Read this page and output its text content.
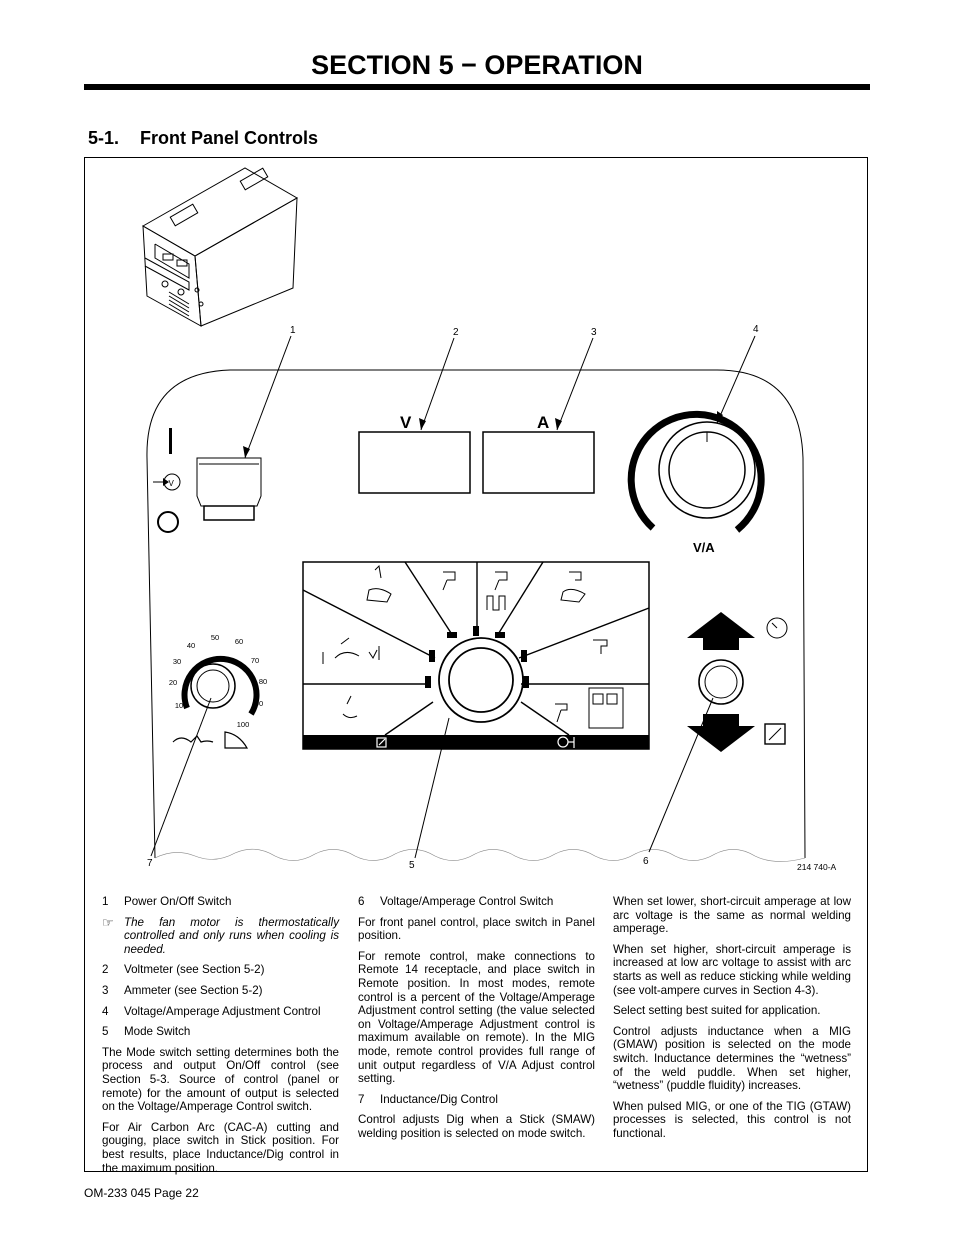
SECTION 5 − OPERATION
5-1. Front Panel Controls
1	2	3	4
7	5	6
V
V	A
V/A
10
20
30
40
50 60
70
80
90
100
214 740-A
1	Power On/Off Switch
☞ The fan motor is thermostatically controlled and only runs when cooling is needed.
2	Voltmeter (see Section 5-2)
3	Ammeter (see Section 5-2)
4	Voltage/Amperage Adjustment Control
5	Mode Switch

The Mode switch setting determines both the process and output On/Off control (see Section 5-3. Source of control (panel or remote) for the amount of output is selected on the Voltage/Amperage Control switch.

For Air Carbon Arc (CAC-A) cutting and gouging, place switch in Stick position. For best results, place Inductance/Dig control in the maximum position.

6	Voltage/Amperage Control Switch

For front panel control, place switch in Panel position.

For remote control, make connections to Remote 14 receptacle, and place switch in Remote position. In most modes, remote control is a percent of the Voltage/Amperage Adjustment control setting (the value selected on Voltage/Amperage Adjustment control is maximum available on remote). In the MIG mode, remote control provides full range of unit output regardless of V/A Adjust control setting.

7	Inductance/Dig Control

Control adjusts Dig when a Stick (SMAW) welding position is selected on mode switch.

When set lower, short-circuit amperage at low arc voltage is the same as normal welding amperage.

When set higher, short-circuit amperage is increased at low arc voltage to assist with arc starts as well as reduce sticking while welding (see volt-ampere curves in Section 4-3).

Select setting best suited for application.

Control adjusts inductance when a MIG (GMAW) position is selected on the mode switch. Inductance determines the “wetness” of the weld puddle. When set higher, “wetness” (puddle fluidity) increases.

When pulsed MIG, or one of the TIG (GTAW) processes is selected, this control is not functional.

OM-233 045 Page 22
